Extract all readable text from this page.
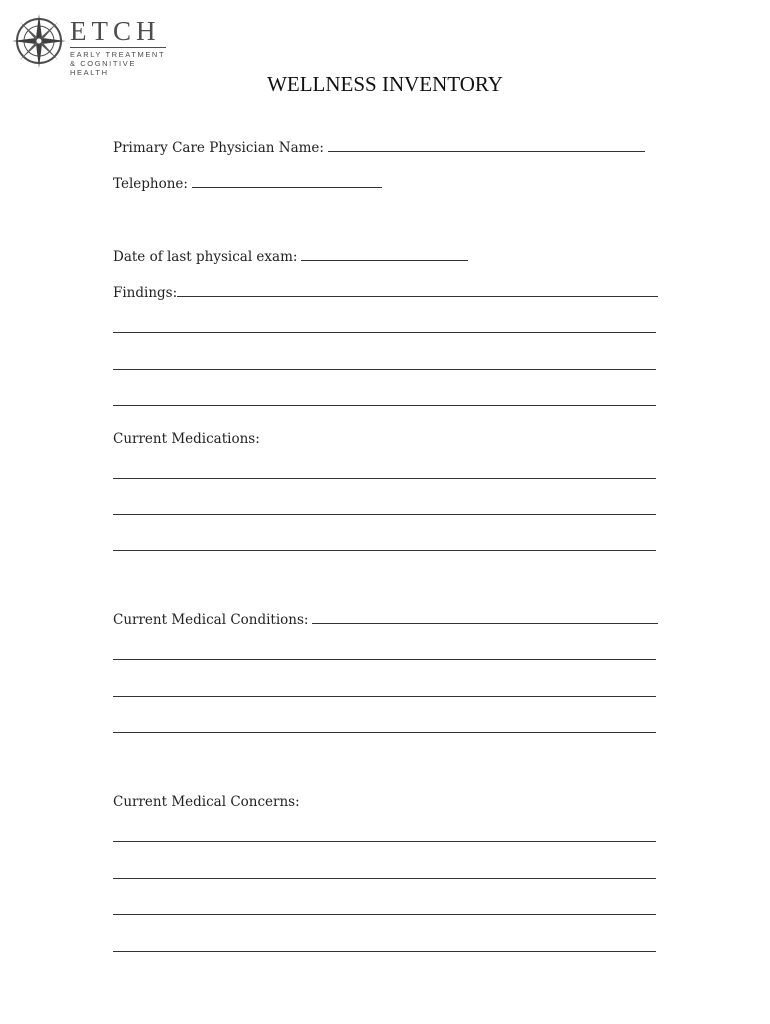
ETCH
EARLY TREATMENT
& COGNITIVE HEALTH	WELLNESS INVENTORY
Primary Care Physician Name:
Telephone:
Date of last physical exam:
Findings:
Current Medications:
Current Medical Conditions:
Current Medical Concerns:
